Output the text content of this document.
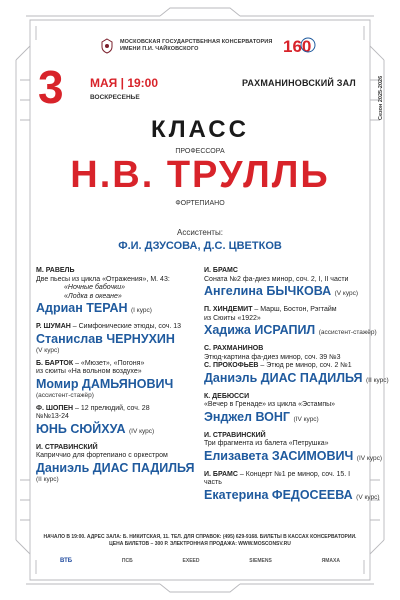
МОСКОВСКАЯ ГОСУДАРСТВЕННАЯ КОНСЕРВАТОРИЯ
ИМЕНИ П.И. ЧАЙКОВСКОГО	160
Сезон 2025-2026
3 МАЯ | 19:00
ВОСКРЕСЕНЬЕ
РАХМАНИНОВСКИЙ ЗАЛ
КЛАСС
ПРОФЕССОРА
Н.В. ТРУЛЛЬ
ФОРТЕПИАНО
Ассистенты:
Ф.И. ДЗУСОВА, Д.С. ЦВЕТКОВ
М. РАВЕЛЬ
Две пьесы из цикла «Отражения», М. 43:
«Ночные бабочки»
«Лодка в океане»
Адриан ТЕРАН (I курс)
Р. ШУМАН – Симфонические этюды, соч. 13
Станислав ЧЕРНУХИН
(V курс)
Б. БАРТОК – «Мюзет», «Погоня»
из сюиты «На вольном воздухе»
Момир ДАМЬЯНОВИЧ
(ассистент-стажёр)
Ф. ШОПЕН – 12 прелюдий, соч. 28
№№13-24
ЮНЬ СЮЙХУА (IV курс)
И. СТРАВИНСКИЙ
Каприччио для фортепиано с оркестром
Даниэль ДИАС ПАДИЛЬЯ
(II курс)
И. БРАМС
Соната №2 фа-диез минор, соч. 2, I, II части
Ангелина БЫЧКОВА (V курс)
П. ХИНДЕМИТ – Марш, Бостон, Рэгтайм
из Сюиты «1922»
Хадижа ИСРАПИЛ (ассистент-стажёр)
С. РАХМАНИНОВ
Этюд-картина фа-диез минор, соч. 39 №3
С. ПРОКОФЬЕВ – Этюд ре минор, соч. 2 №1
Даниэль ДИАС ПАДИЛЬЯ (II курс)
К. ДЕБЮССИ
«Вечер в Гренаде» из цикла «Эстампы»
Энджел ВОНГ (IV курс)
И. СТРАВИНСКИЙ
Три фрагмента из балета «Петрушка»
Елизавета ЗАСИМОВИЧ (IV курс)
И. БРАМС – Концерт №1 ре минор, соч. 15. I часть
Екатерина ФЕДОСЕЕВА (V курс)
НАЧАЛО В 19:00. АДРЕС ЗАЛА: Б. НИКИТСКАЯ, 11. ТЕЛ. ДЛЯ СПРАВОК: (495) 629-9168. БИЛЕТЫ В КАССАХ КОНСЕРВАТОРИИ.
ЦЕНА БИЛЕТОВ – 300 Р. ЭЛЕКТРОННАЯ ПРОДАЖА: WWW.MOSCONSV.RU
ВТБ	ПСБ	EXEED	SIEMENS	ЯМАХА
